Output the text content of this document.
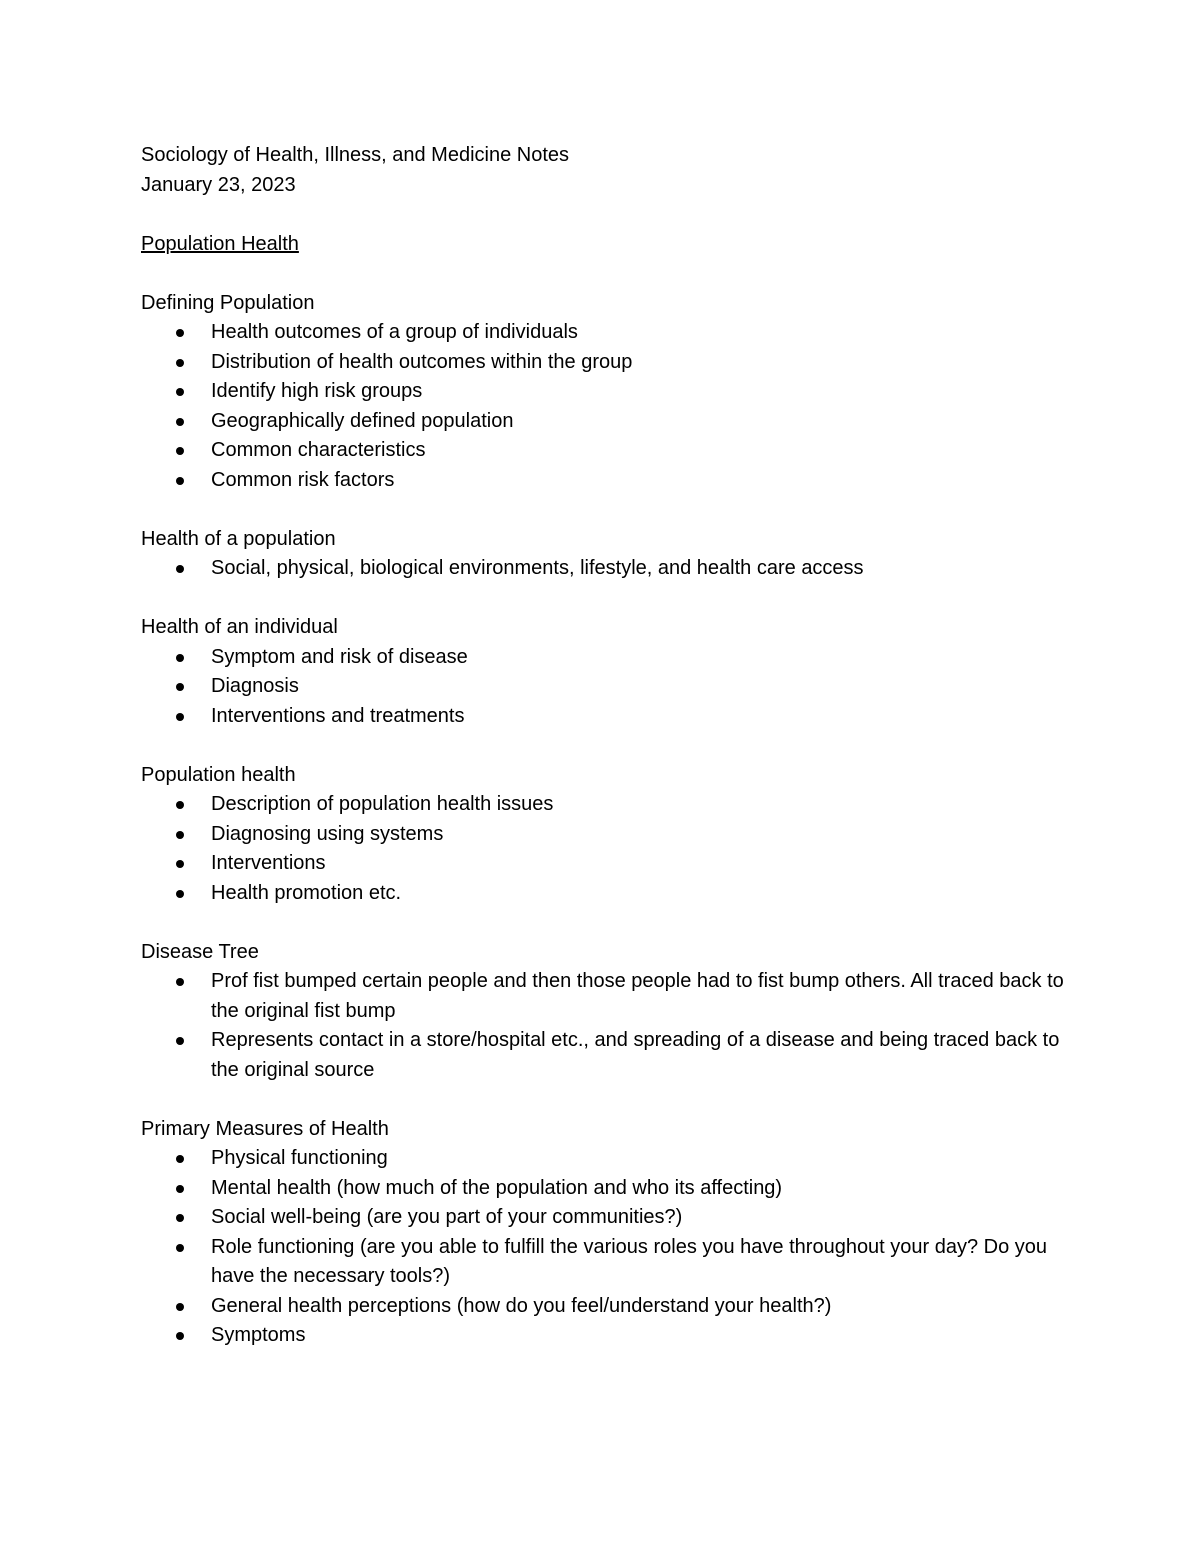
Sociology of Health, Illness, and Medicine Notes

January 23, 2023

Population Health

Defining Population

Health outcomes of a group of individuals
Distribution of health outcomes within the group
Identify high risk groups
Geographically defined population
Common characteristics
Common risk factors

Health of a population

Social, physical, biological environments, lifestyle, and health care access

Health of an individual

Symptom and risk of disease
Diagnosis
Interventions and treatments

Population health

Description of population health issues
Diagnosing using systems
Interventions
Health promotion etc.

Disease Tree

Prof fist bumped certain people and then those people had to fist bump others. All traced back to the original fist bump
Represents contact in a store/hospital etc., and spreading of a disease and being traced back to the original source

Primary Measures of Health

Physical functioning
Mental health (how much of the population and who its affecting)
Social well-being (are you part of your communities?)
Role functioning (are you able to fulfill the various roles you have throughout your day? Do you have the necessary tools?)
General health perceptions (how do you feel/understand your health?)
Symptoms
